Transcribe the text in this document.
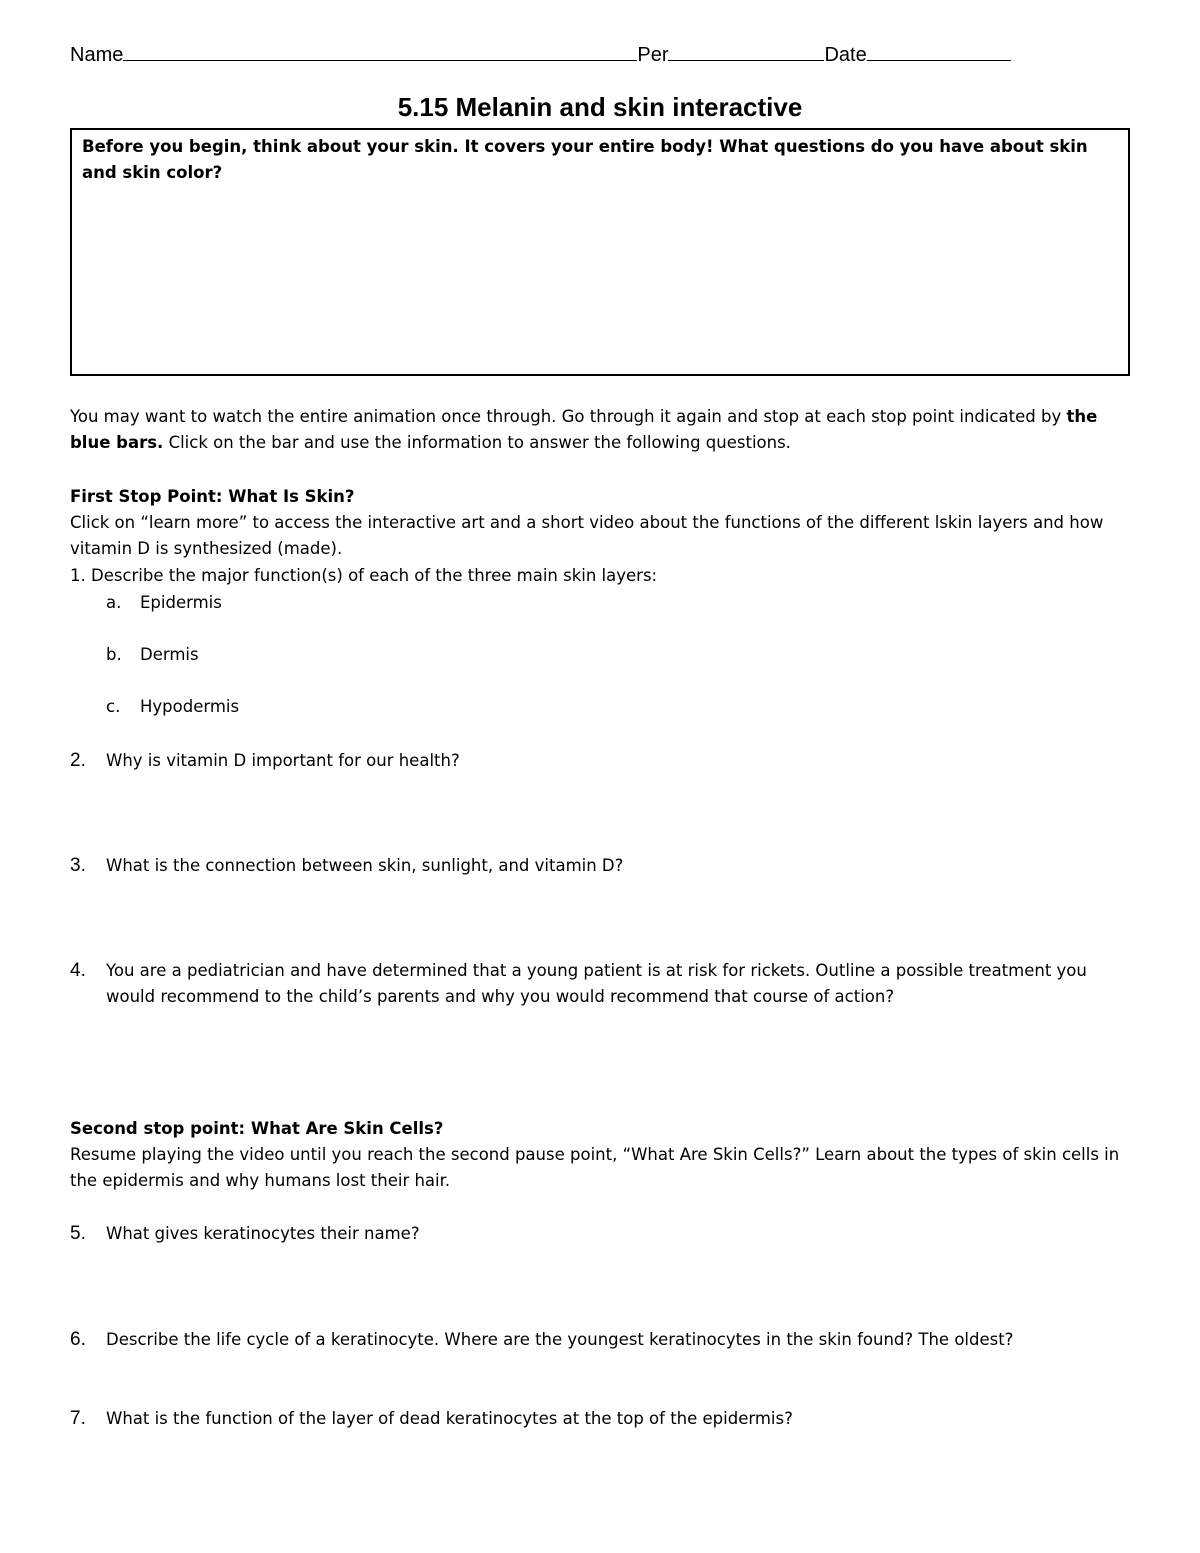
Name	Per	Date
5.15 Melanin and skin interactive
Before you begin, think about your skin. It covers your entire body! What questions do you have about skin and skin color?
You may want to watch the entire animation once through. Go through it again and stop at each stop point indicated by the blue bars. Click on the bar and use the information to answer the following questions.
First Stop Point: What Is Skin?
Click on “learn more” to access the interactive art and a short video about the functions of the different lskin layers and how vitamin D is synthesized (made).
1. Describe the major function(s) of each of the three main skin layers:
a. Epidermis
b. Dermis
c. Hypodermis
2. Why is vitamin D important for our health?
3. What is the connection between skin, sunlight, and vitamin D?
4. You are a pediatrician and have determined that a young patient is at risk for rickets. Outline a possible treatment you would recommend to the child’s parents and why you would recommend that course of action?
Second stop point: What Are Skin Cells?
Resume playing the video until you reach the second pause point, “What Are Skin Cells?” Learn about the types of skin cells in the epidermis and why humans lost their hair.
5. What gives keratinocytes their name?
6. Describe the life cycle of a keratinocyte. Where are the youngest keratinocytes in the skin found? The oldest?
7. What is the function of the layer of dead keratinocytes at the top of the epidermis?
